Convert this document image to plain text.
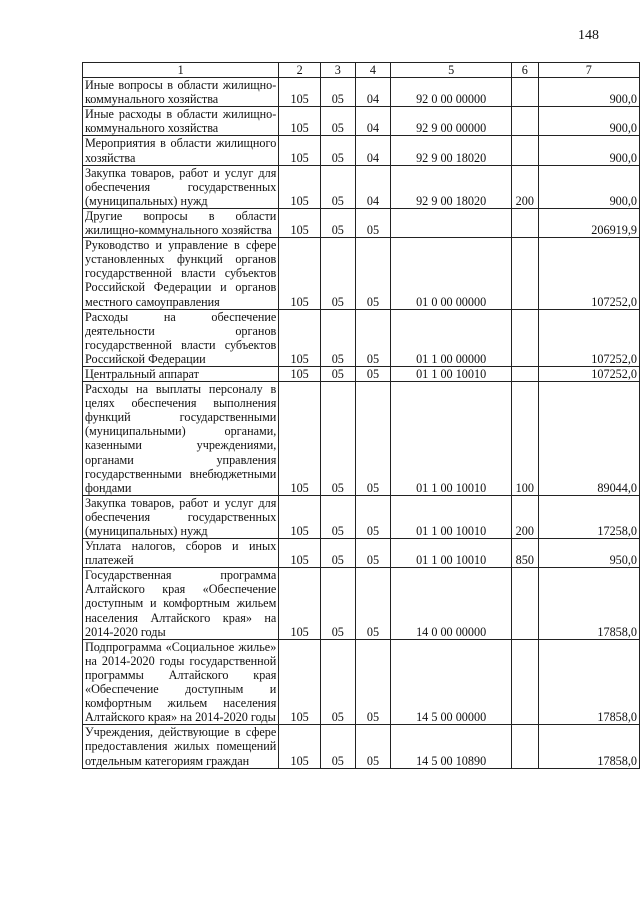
148
1	2	3	4	5	6	7
Иные вопросы в области жилищно-коммунального хозяйства	105	05	04	92 0 00 00000		900,0
Иные расходы в области жилищно-коммунального хозяйства	105	05	04	92 9 00 00000		900,0
Мероприятия в области жилищного хозяйства	105	05	04	92 9 00 18020		900,0
Закупка товаров, работ и услуг для обеспечения государственных (муниципальных) нужд	105	05	04	92 9 00 18020	200	900,0
Другие вопросы в области жилищно-коммунального хозяйства	105	05	05			206919,9
Руководство и управление в сфере установленных функций органов государственной власти субъектов Российской Федерации и органов местного самоуправления	105	05	05	01 0 00 00000		107252,0
Расходы на обеспечение деятельности органов государственной власти субъектов Российской Федерации	105	05	05	01 1 00 00000		107252,0
Центральный аппарат	105	05	05	01 1 00 10010		107252,0
Расходы на выплаты персоналу в целях обеспечения выполнения функций государственными (муниципальными) органами, казенными учреждениями, органами управления государственными внебюджетными фондами	105	05	05	01 1 00 10010	100	89044,0
Закупка товаров, работ и услуг для обеспечения государственных (муниципальных) нужд	105	05	05	01 1 00 10010	200	17258,0
Уплата налогов, сборов и иных платежей	105	05	05	01 1 00 10010	850	950,0
Государственная программа Алтайского края «Обеспечение доступным и комфортным жильем населения Алтайского края» на 2014-2020 годы	105	05	05	14 0 00 00000		17858,0
Подпрограмма «Социальное жилье» на 2014-2020 годы государственной программы Алтайского края «Обеспечение доступным и комфортным жильем населения Алтайского края» на 2014-2020 годы	105	05	05	14 5 00 00000		17858,0
Учреждения, действующие в сфере предоставления жилых помещений отдельным категориям граждан	105	05	05	14 5 00 10890		17858,0
